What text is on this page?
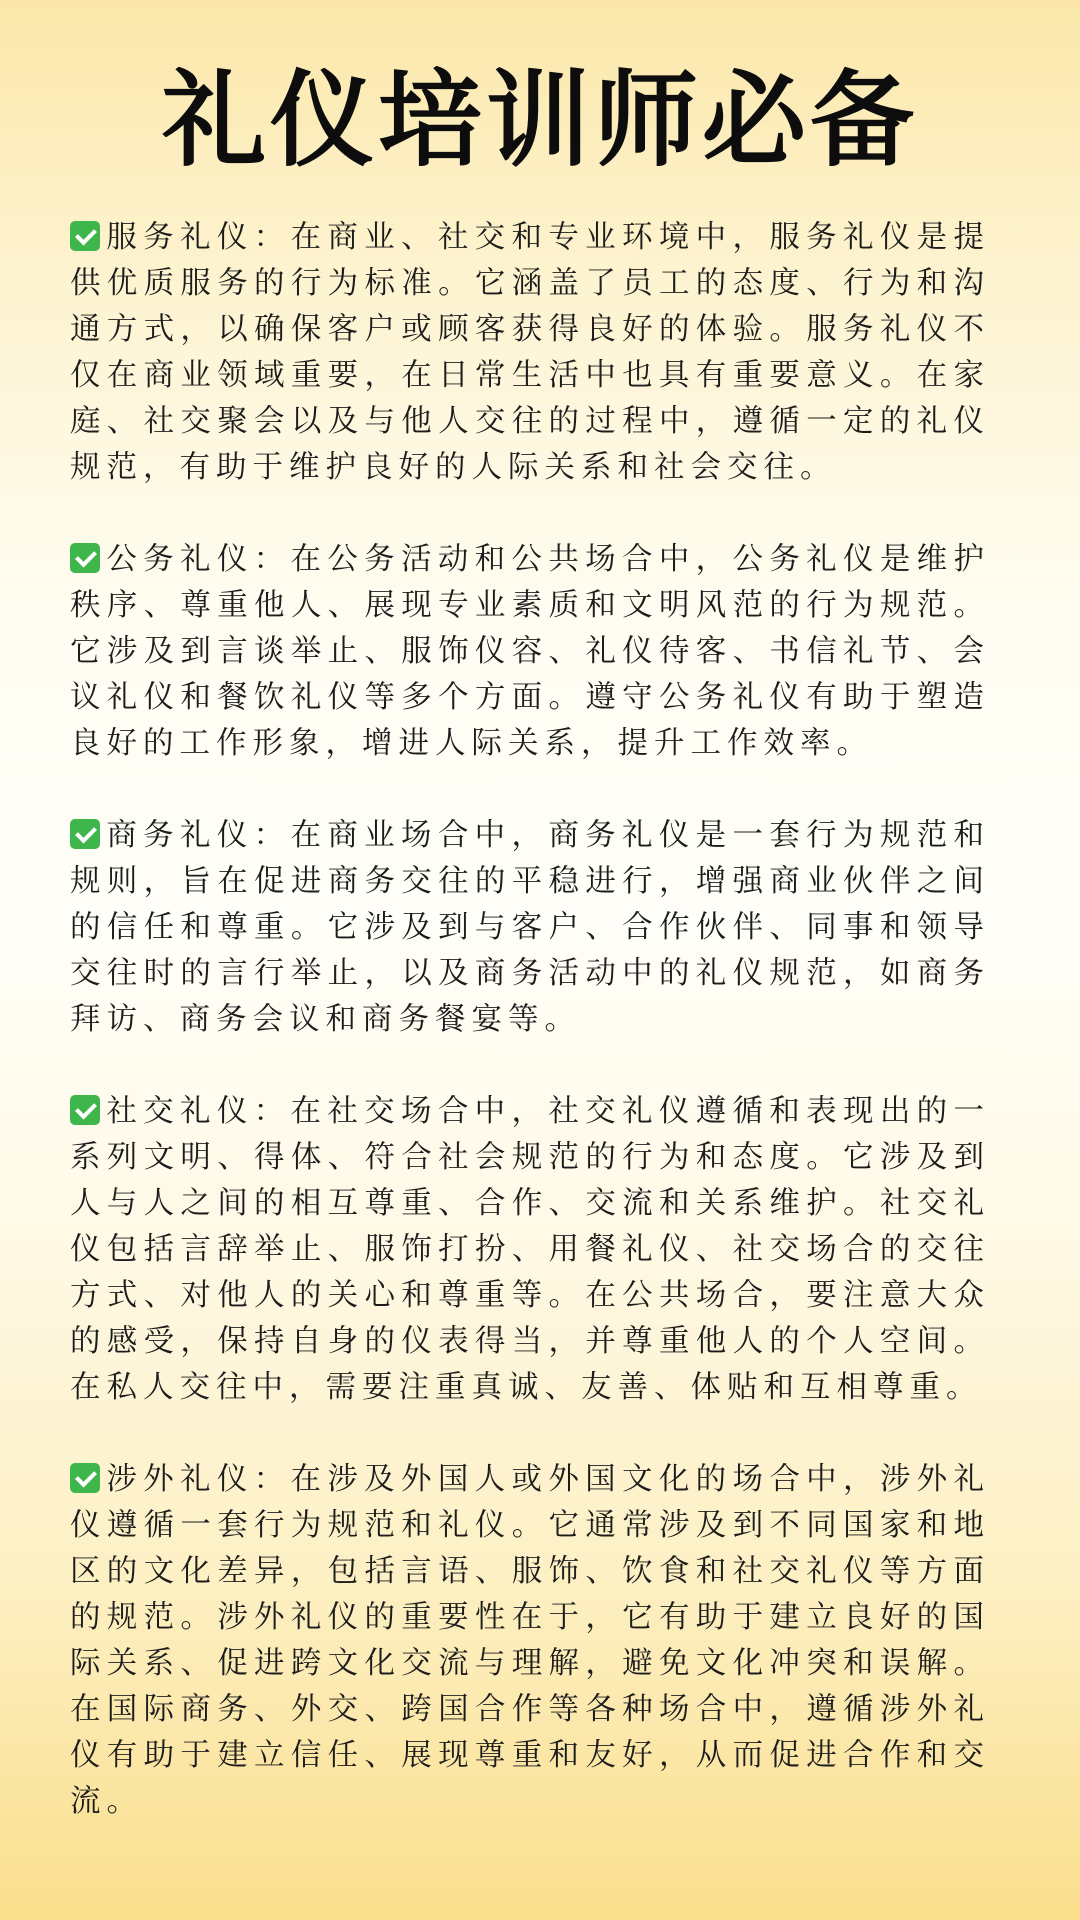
礼仪培训师必备

服务礼仪：在商业、社交和专业环境中，服务礼仪是提供优质服务的行为标准。它涵盖了员工的态度、行为和沟通方式，以确保客户或顾客获得良好的体验。服务礼仪不仅在商业领域重要，在日常生活中也具有重要意义。在家庭、社交聚会以及与他人交往的过程中，遵循一定的礼仪规范，有助于维护良好的人际关系和社会交往。

公务礼仪：在公务活动和公共场合中，公务礼仪是维护秩序、尊重他人、展现专业素质和文明风范的行为规范。它涉及到言谈举止、服饰仪容、礼仪待客、书信礼节、会议礼仪和餐饮礼仪等多个方面。遵守公务礼仪有助于塑造良好的工作形象，增进人际关系，提升工作效率。

商务礼仪：在商业场合中，商务礼仪是一套行为规范和规则，旨在促进商务交往的平稳进行，增强商业伙伴之间的信任和尊重。它涉及到与客户、合作伙伴、同事和领导交往时的言行举止，以及商务活动中的礼仪规范，如商务拜访、商务会议和商务餐宴等。

社交礼仪：在社交场合中，社交礼仪遵循和表现出的一系列文明、得体、符合社会规范的行为和态度。它涉及到人与人之间的相互尊重、合作、交流和关系维护。社交礼仪包括言辞举止、服饰打扮、用餐礼仪、社交场合的交往方式、对他人的关心和尊重等。在公共场合，要注意大众的感受，保持自身的仪表得当，并尊重他人的个人空间。在私人交往中，需要注重真诚、友善、体贴和互相尊重。

涉外礼仪：在涉及外国人或外国文化的场合中，涉外礼仪遵循一套行为规范和礼仪。它通常涉及到不同国家和地区的文化差异，包括言语、服饰、饮食和社交礼仪等方面的规范。涉外礼仪的重要性在于，它有助于建立良好的国际关系、促进跨文化交流与理解，避免文化冲突和误解。在国际商务、外交、跨国合作等各种场合中，遵循涉外礼仪有助于建立信任、展现尊重和友好，从而促进合作和交流。
